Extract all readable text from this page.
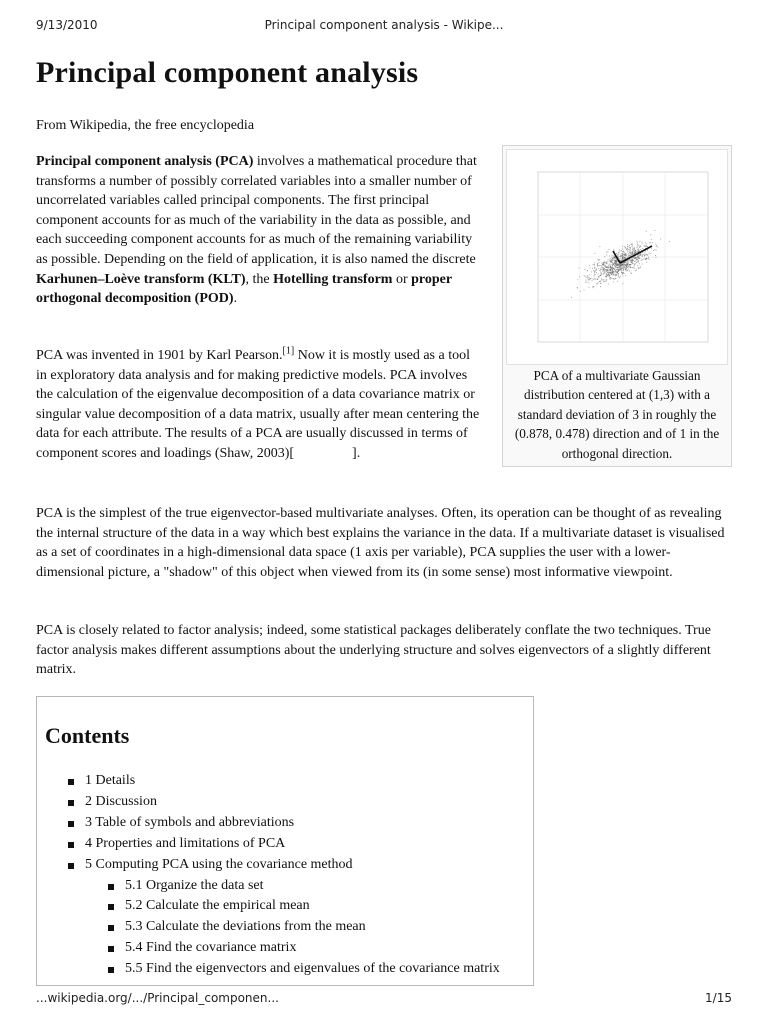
9/13/2010	Principal component analysis - Wikipe...
Principal component analysis
From Wikipedia, the free encyclopedia

Principal component analysis (PCA) involves a mathematical procedure that transforms a number of possibly correlated variables into a smaller number of uncorrelated variables called principal components. The first principal component accounts for as much of the variability in the data as possible, and each succeeding component accounts for as much of the remaining variability as possible. Depending on the field of application, it is also named the discrete Karhunen–Loève transform (KLT), the Hotelling transform or proper orthogonal decomposition (POD).

PCA was invented in 1901 by Karl Pearson.[1] Now it is mostly used as a tool in exploratory data analysis and for making predictive models. PCA involves the calculation of the eigenvalue decomposition of a data covariance matrix or singular value decomposition of a data matrix, usually after mean centering the data for each attribute. The results of a PCA are usually discussed in terms of component scores and loadings (Shaw, 2003)[	].

PCA is the simplest of the true eigenvector-based multivariate analyses. Often, its operation can be thought of as revealing the internal structure of the data in a way which best explains the variance in the data. If a multivariate dataset is visualised as a set of coordinates in a high-dimensional data space (1 axis per variable), PCA supplies the user with a lower-dimensional picture, a "shadow" of this object when viewed from its (in some sense) most informative viewpoint.

PCA is closely related to factor analysis; indeed, some statistical packages deliberately conflate the two techniques. True factor analysis makes different assumptions about the underlying structure and solves eigenvectors of a slightly different matrix.

PCA of a multivariate Gaussian distribution centered at (1,3) with a standard deviation of 3 in roughly the (0.878, 0.478) direction and of 1 in the orthogonal direction.
Contents
1 Details
2 Discussion
3 Table of symbols and abbreviations
4 Properties and limitations of PCA
5 Computing PCA using the covariance method
5.1 Organize the data set
5.2 Calculate the empirical mean
5.3 Calculate the deviations from the mean
5.4 Find the covariance matrix
5.5 Find the eigenvectors and eigenvalues of the covariance matrix
...wikipedia.org/.../Principal_componen...	1/15
